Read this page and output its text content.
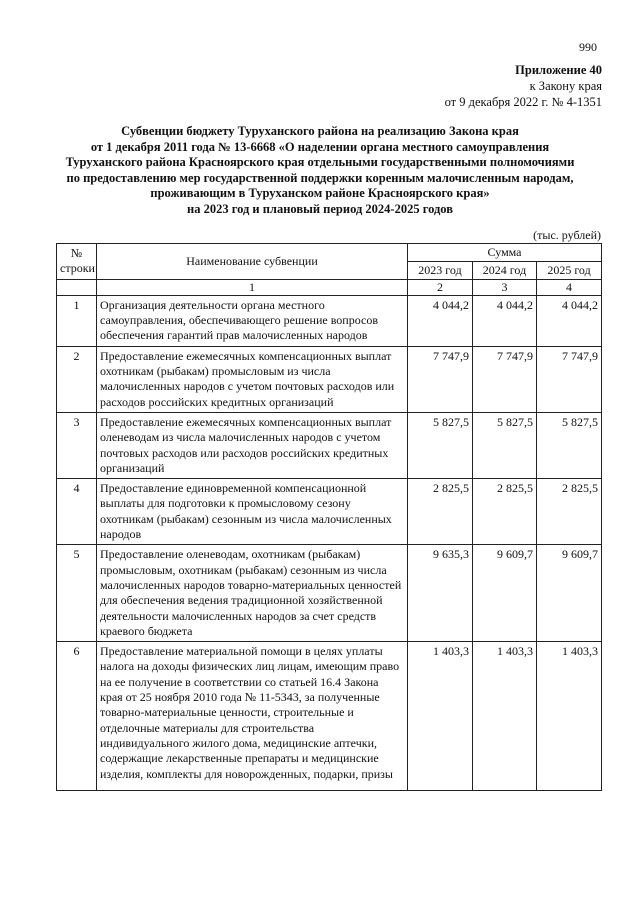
990
Приложение 40
к Закону края
от 9 декабря 2022 г. № 4-1351
Субвенции бюджету Туруханского района на реализацию Закона края
от 1 декабря 2011 года № 13-6668 «О наделении органа местного самоуправления
Туруханского района Красноярского края отдельными государственными полномочиями
по предоставлению мер государственной поддержки коренным малочисленным народам,
проживающим в Туруханском районе Красноярского края»
на 2023 год и плановый период 2024-2025 годов
(тыс. рублей)
№ строки	Наименование субвенции	Сумма		
		2023 год	2024 год	2025 год
	1	2	3	4
1	Организация деятельности органа местного самоуправления, обеспечивающего решение вопросов обеспечения гарантий прав малочисленных народов	4 044,2	4 044,2	4 044,2
2	Предоставление ежемесячных компенсационных выплат охотникам (рыбакам) промысловым из числа малочисленных народов с учетом почтовых расходов или расходов российских кредитных организаций	7 747,9	7 747,9	7 747,9
3	Предоставление ежемесячных компенсационных выплат оленеводам из числа малочисленных народов с учетом почтовых расходов или расходов российских кредитных организаций	5 827,5	5 827,5	5 827,5
4	Предоставление единовременной компенсационной выплаты для подготовки к промысловому сезону охотникам (рыбакам) сезонным из числа малочисленных народов	2 825,5	2 825,5	2 825,5
5	Предоставление оленеводам, охотникам (рыбакам) промысловым, охотникам (рыбакам) сезонным из числа малочисленных народов товарно-материальных ценностей для обеспечения ведения традиционной хозяйственной деятельности малочисленных народов за счет средств краевого бюджета	9 635,3	9 609,7	9 609,7
6	Предоставление материальной помощи в целях уплаты налога на доходы физических лиц лицам, имеющим право на ее получение в соответствии со статьей 16.4 Закона края от 25 ноября 2010 года № 11-5343, за полученные товарно-материальные ценности, строительные и отделочные материалы для строительства индивидуального жилого дома, медицинские аптечки, содержащие лекарственные препараты и медицинские изделия, комплекты для новорожденных, подарки, призы	1 403,3	1 403,3	1 403,3
